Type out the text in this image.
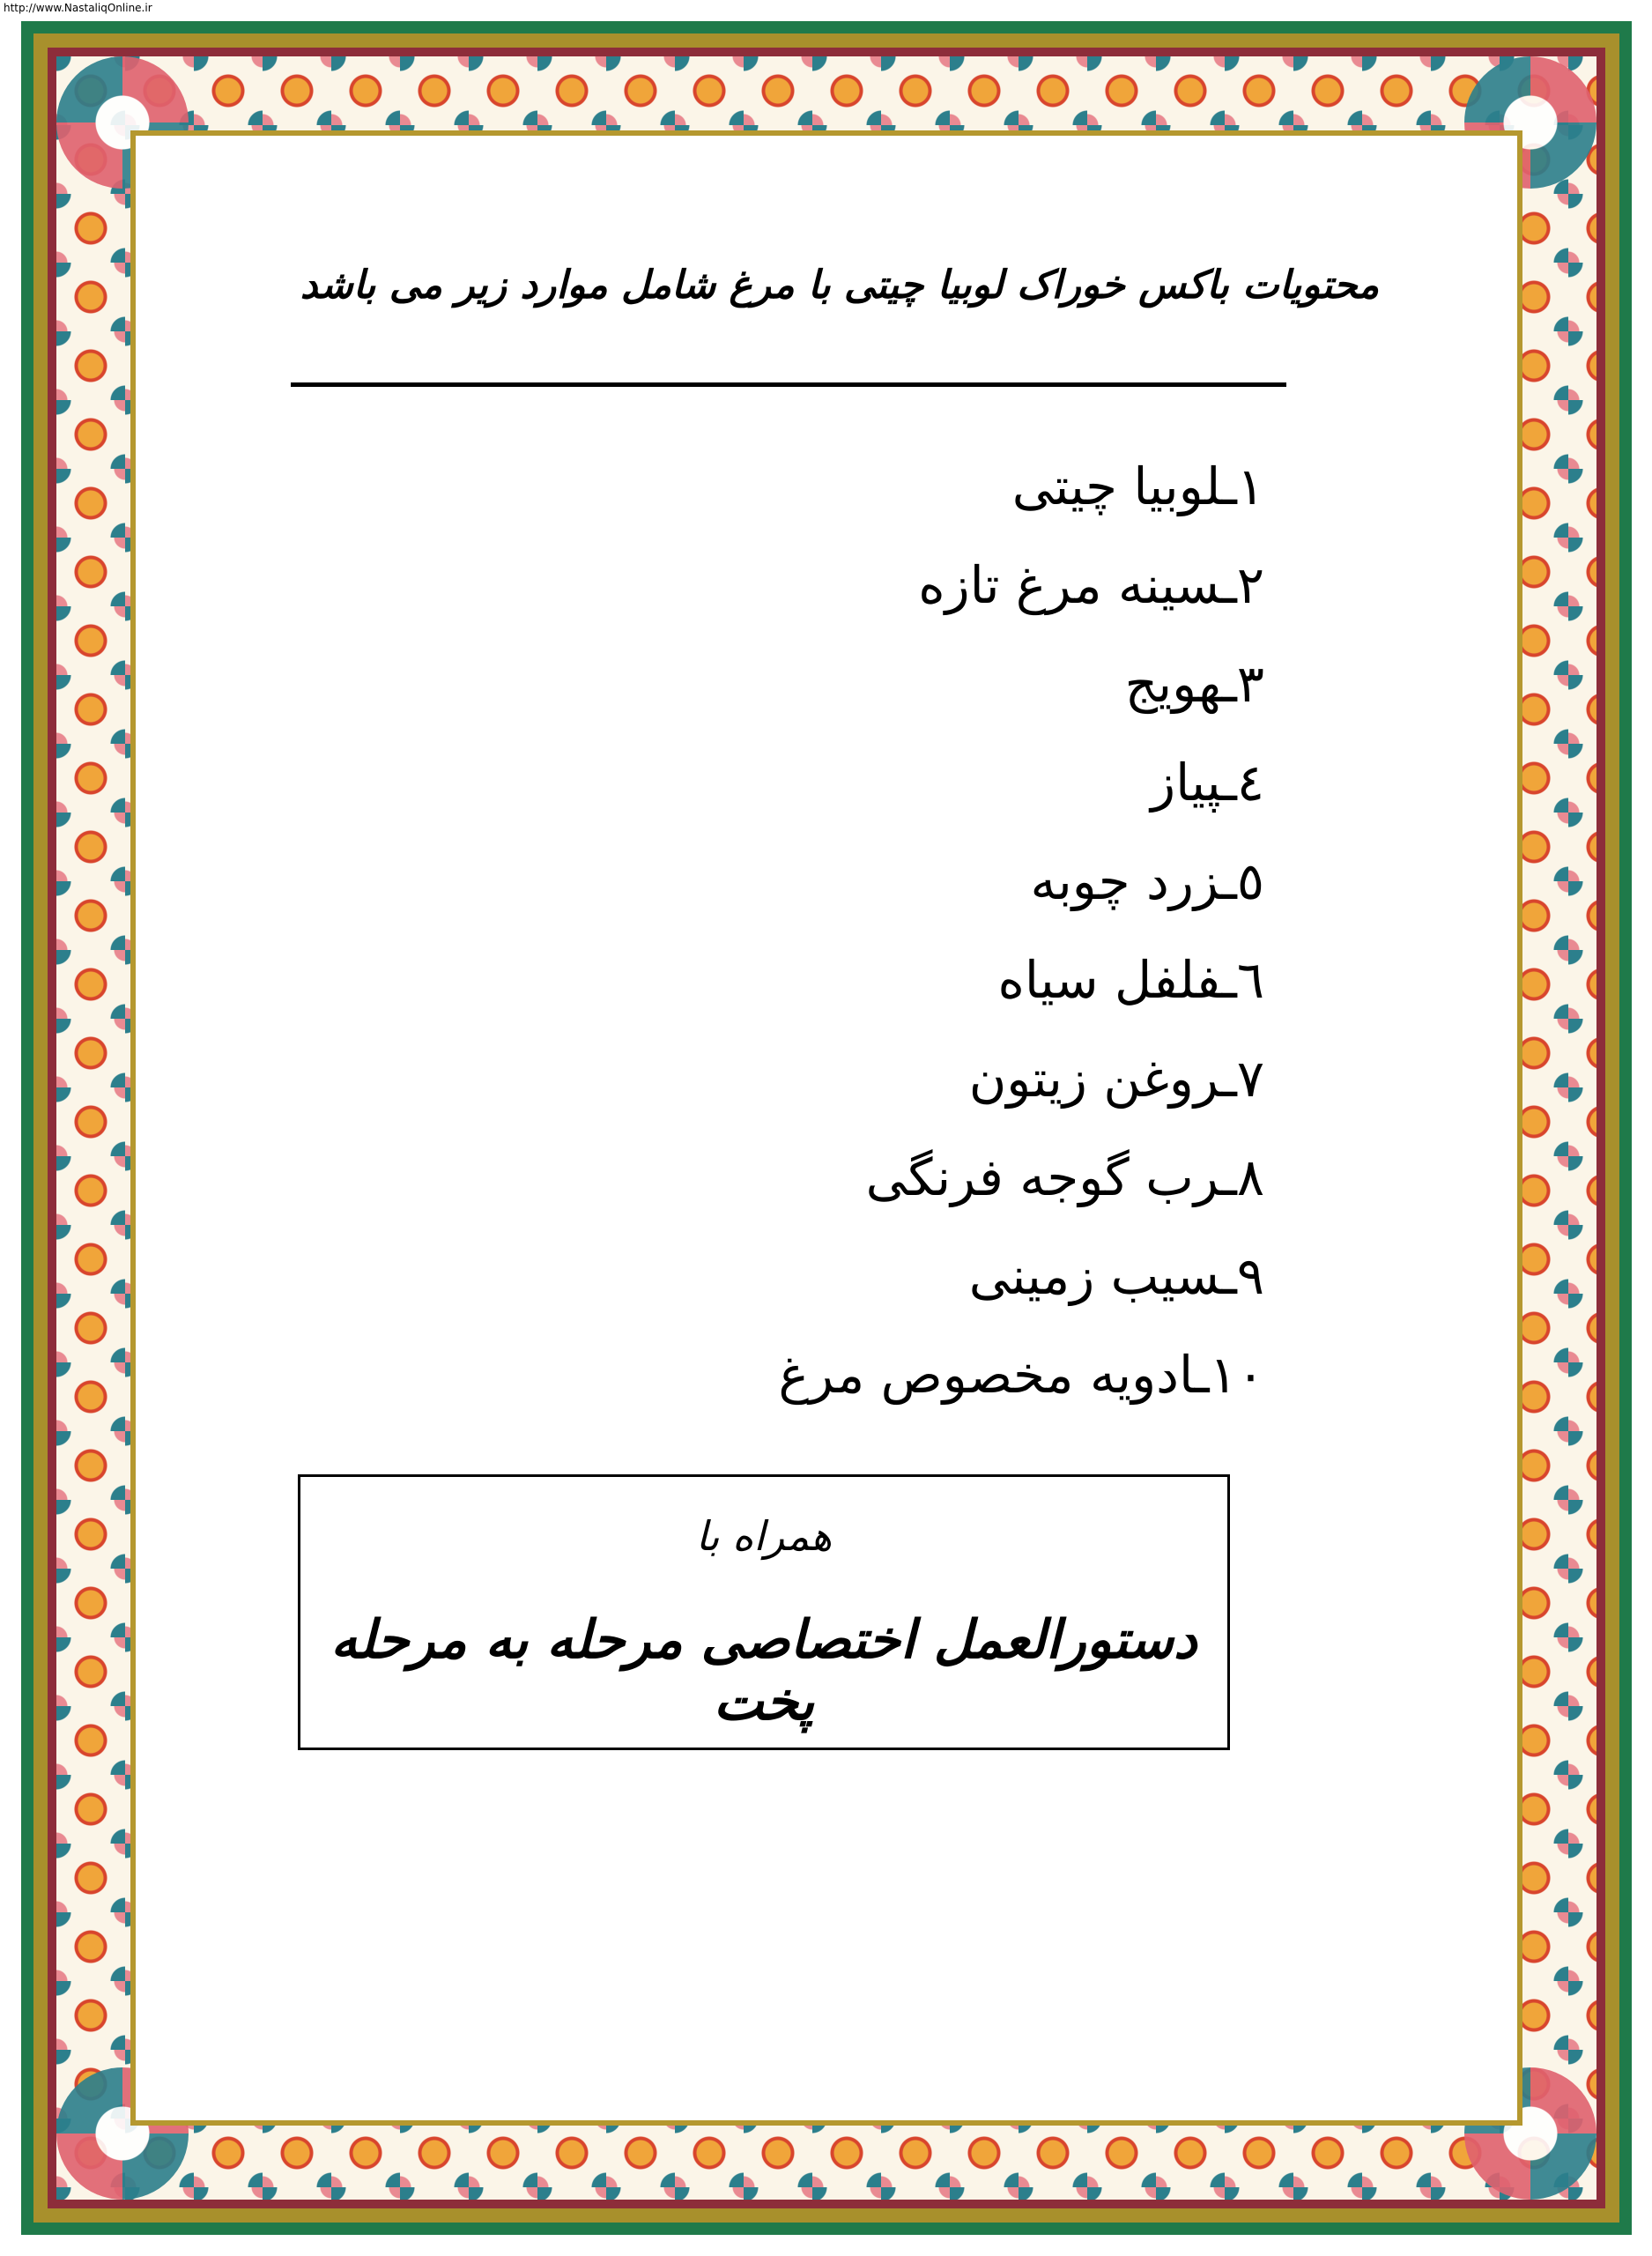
http://www.NastaliqOnline.ir
محتویات باکس خوراک لوبیا چیتی با مرغ شامل موارد زیر می باشد
۱ـلوبیا چیتی
۲ـسینه مرغ تازه
۳ـهویج
٤ـپیاز
٥ـزرد چوبه
٦ـفلفل سیاه
۷ـروغن زیتون
۸ـرب گوجه فرنگی
۹ـسیب زمینی
۱۰ـادویه مخصوص مرغ
همراه با
دستورالعمل اختصاصی مرحله به مرحله پخت
